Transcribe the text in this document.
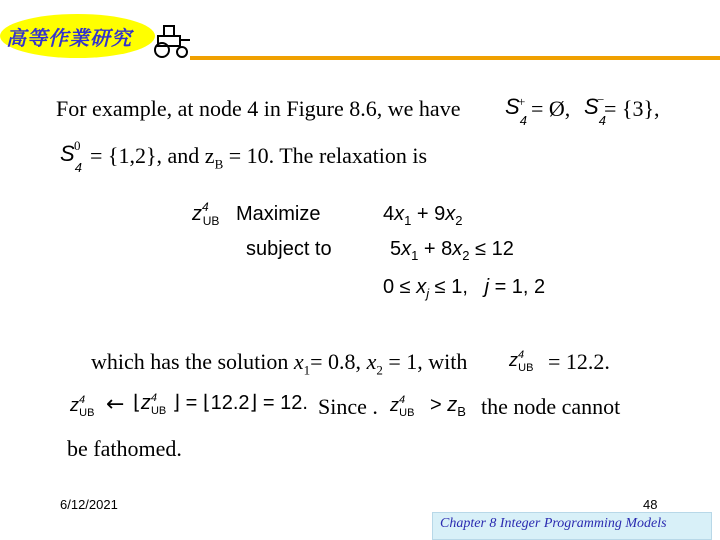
高等作業研究
For example, at node 4 in Figure 8.6, we have $S_4$
+ = Ø, $S_4$
− = {3},
$S_4$
0 = {1,2}, and $z_B = 10$. The relaxation is
$z^4_{UB}$ Maximize	$4x_1 + 9x_2$
subject to	$5x_1 + 8x_2 \le 12$
$0 \le x_j \le 1$,   j = 1, 2
which has the solution $x_1= 0.8$, $x_2 = 1$, with $z^4_{UB} = 12.2$.
$z^4_{UB}$ ← $⌊z^4_{UB}$ ⌋ = ⌊12.2⌋ = 12. Since . $z^4_{UB} > z_B$ the node cannot
be fathomed.
6/12/2021	48
Chapter 8 Integer Programming Models
